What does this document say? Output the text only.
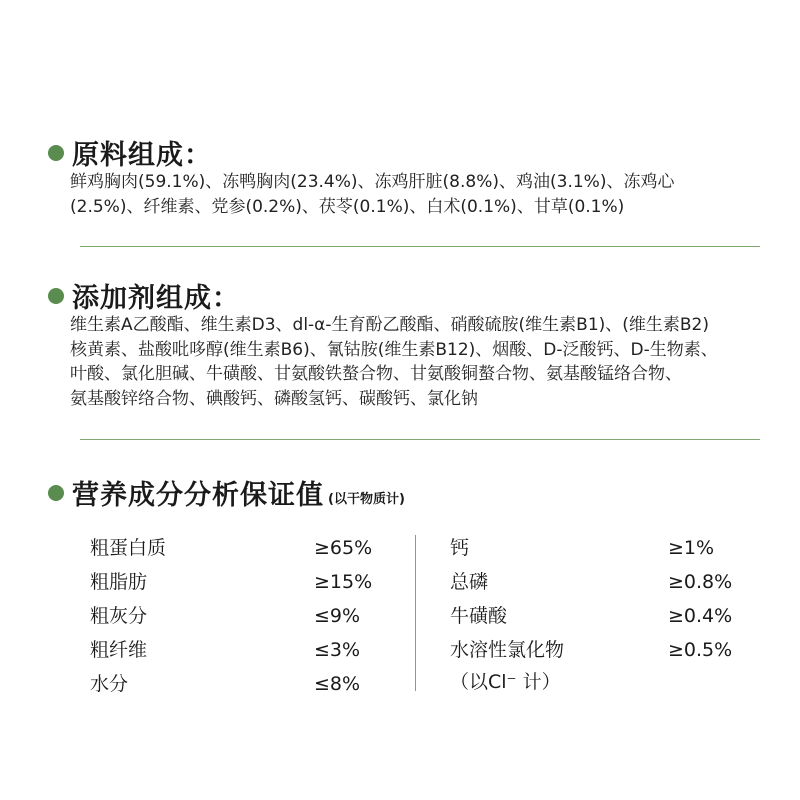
原料组成：
鲜鸡胸肉(59.1%)、冻鸭胸肉(23.4%)、冻鸡肝脏(8.8%)、鸡油(3.1%)、冻鸡心
(2.5%)、纤维素、党参(0.2%)、茯苓(0.1%)、白术(0.1%)、甘草(0.1%)
添加剂组成：
维生素A乙酸酯、维生素D3、dl-α-生育酚乙酸酯、硝酸硫胺(维生素B1)、(维生素B2)
核黄素、盐酸吡哆醇(维生素B6)、氰钴胺(维生素B12)、烟酸、D-泛酸钙、D-生物素、
叶酸、氯化胆碱、牛磺酸、甘氨酸铁螯合物、甘氨酸铜螯合物、氨基酸锰络合物、
氨基酸锌络合物、碘酸钙、磷酸氢钙、碳酸钙、氯化钠
营养成分分析保证值 (以干物质计)
粗蛋白质	≥65%
粗脂肪	≥15%
粗灰分	≤9%
粗纤维	≤3%
水分	≤8%
钙	≥1%
总磷	≥0.8%
牛磺酸	≥0.4%
水溶性氯化物	≥0.5%
（以Cl⁻ 计）
